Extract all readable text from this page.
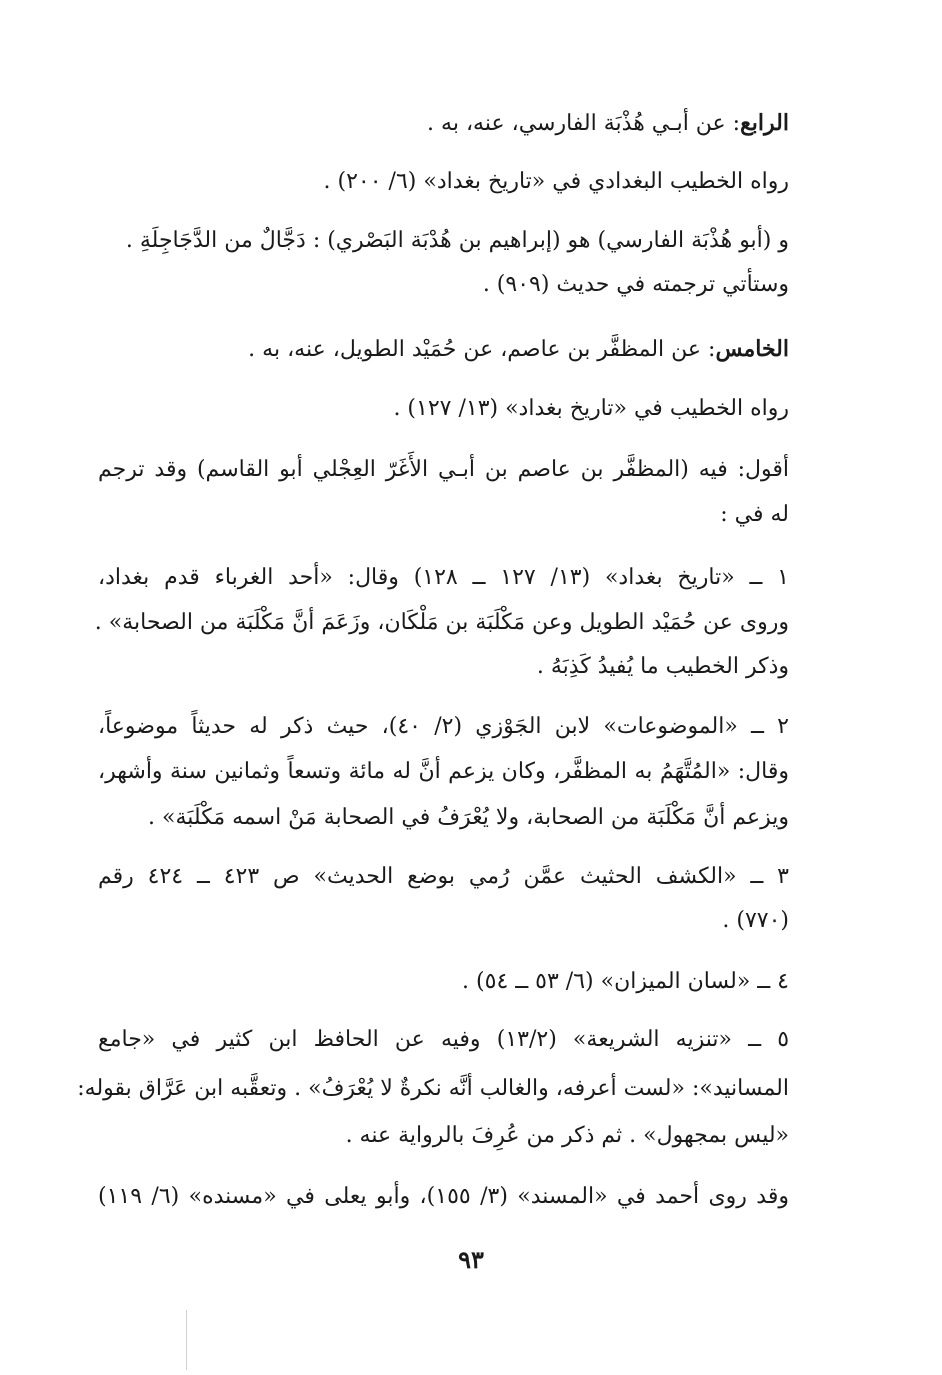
الرابع: عن أبـي هُذْبَة الفارسي، عنه، به .
رواه الخطيب البغدادي في «تاريخ بغداد» (٦/ ٢٠٠) .
و (أبو هُذْبَة الفارسي) هو (إبراهيم بن هُدْبَة البَصْري) : دَجَّالٌ من الدَّجَاجِلَةِ .
وستأتي ترجمته في حديث (٩٠٩) .
الخامس: عن المظفَّر بن عاصم، عن حُمَيْد الطويل، عنه، به .
رواه الخطيب في «تاريخ بغداد» (١٣/ ١٢٧) .
أقول: فيه (المظفَّر بن عاصم بن أبـي الأَغَرّ العِجْلي أبو القاسم) وقد ترجم
له في :
١ ــ «تاريخ بغداد» (١٣/ ١٢٧ ــ ١٢٨) وقال: «أحد الغرباء قدم بغداد،
وروى عن حُمَيْد الطويل وعن مَكْلَبَة بن مَلْكَان، وزَعَمَ أنَّ مَكْلَبَة من الصحابة» .
وذكر الخطيب ما يُفيدُ كَذِبَهُ .
٢ ــ «الموضوعات» لابن الجَوْزي (٢/ ٤٠)، حيث ذكر له حديثاً موضوعاً،
وقال: «المُتَّهَمُ به المظفَّر، وكان يزعم أنَّ له مائة وتسعاً وثمانين سنة وأشهر،
ويزعم أنَّ مَكْلَبَة من الصحابة، ولا يُعْرَفُ في الصحابة مَنْ اسمه مَكْلَبَة» .
٣ ــ «الكشف الحثيث عمَّن رُمي بوضع الحديث» ص ٤٢٣ ــ ٤٢٤ رقم
(٧٧٠) .
٤ ــ «لسان الميزان» (٦/ ٥٣ ــ ٥٤) .
٥ ــ «تنزيه الشريعة» (١٣/٢) وفيه عن الحافظ ابن كثير في «جامع
المسانيد»: «لست أعرفه، والغالب أنَّه نكرةٌ لا يُعْرَفُ» . وتعقَّبه ابن عَرَّاق بقوله:
«ليس بمجهول» . ثم ذكر من عُرِفَ بالرواية عنه .
وقد روى أحمد في «المسند» (٣/ ١٥٥)، وأبو يعلى في «مسنده» (٦/ ١١٩)
٩٣
